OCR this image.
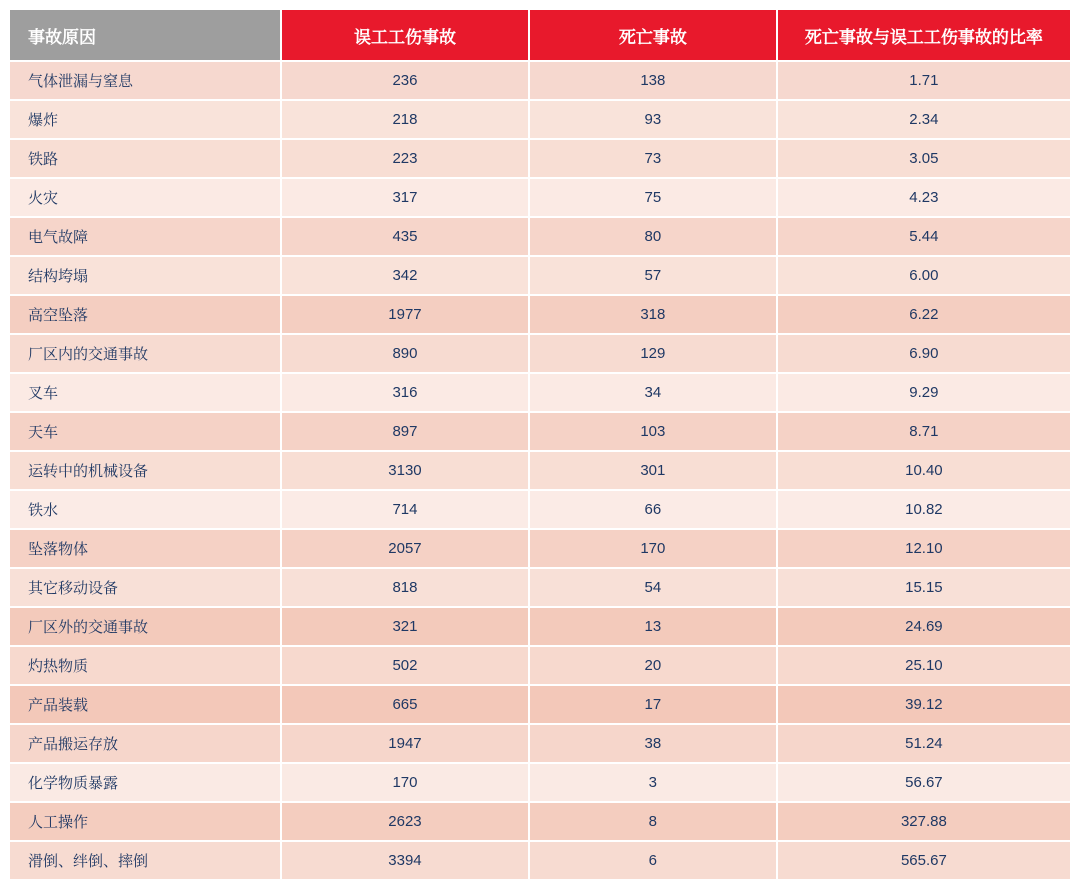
事故原因	误工工伤事故	死亡事故	死亡事故与误工工伤事故的比率
气体泄漏与窒息	236	138	1.71
爆炸	218	93	2.34
铁路	223	73	3.05
火灾	317	75	4.23
电气故障	435	80	5.44
结构垮塌	342	57	6.00
高空坠落	1977	318	6.22
厂区内的交通事故	890	129	6.90
叉车	316	34	9.29
天车	897	103	8.71
运转中的机械设备	3130	301	10.40
铁水	714	66	10.82
坠落物体	2057	170	12.10
其它移动设备	818	54	15.15
厂区外的交通事故	321	13	24.69
灼热物质	502	20	25.10
产品装载	665	17	39.12
产品搬运存放	1947	38	51.24
化学物质暴露	170	3	56.67
人工操作	2623	8	327.88
滑倒、绊倒、摔倒	3394	6	565.67
